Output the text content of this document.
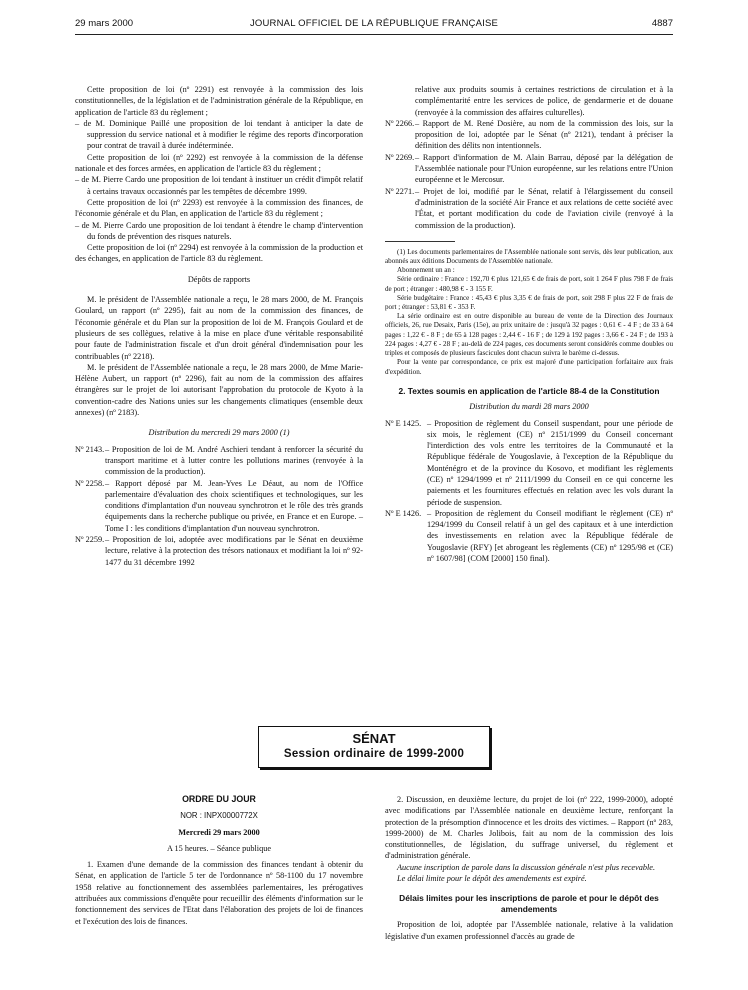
29 mars 2000	JOURNAL OFFICIEL DE LA RÉPUBLIQUE FRANÇAISE	4887

Cette proposition de loi (nº 2291) est renvoyée à la commission des lois constitutionnelles, de la législation et de l'administration générale de la République, en application de l'article 83 du règlement ;

– de M. Dominique Paillé une proposition de loi tendant à anticiper la date de suppression du service national et à modifier le régime des reports d'incorporation pour contrat de travail à durée indéterminée.

Cette proposition de loi (nº 2292) est renvoyée à la commission de la défense nationale et des forces armées, en application de l'article 83 du règlement ;

– de M. Pierre Cardo une proposition de loi tendant à instituer un crédit d'impôt relatif à certains travaux occasionnés par les tempêtes de décembre 1999.

Cette proposition de loi (nº 2293) est renvoyée à la commission des finances, de l'économie générale et du Plan, en application de l'article 83 du règlement ;

– de M. Pierre Cardo une proposition de loi tendant à étendre le champ d'intervention du fonds de prévention des risques naturels.

Cette proposition de loi (nº 2294) est renvoyée à la commission de la production et des échanges, en application de l'article 83 du règlement.

Dépôts de rapports

M. le président de l'Assemblée nationale a reçu, le 28 mars 2000, de M. François Goulard, un rapport (nº 2295), fait au nom de la commission des finances, de l'économie générale et du Plan sur la proposition de loi de M. François Goulard et de plusieurs de ses collègues, relative à la mise en place d'une véritable responsabilité pour faute de l'administration fiscale et d'un droit général d'indemnisation pour les contribuables (nº 2218).

M. le président de l'Assemblée nationale a reçu, le 28 mars 2000, de Mme Marie-Hélène Aubert, un rapport (nº 2296), fait au nom de la commission des affaires étrangères sur le projet de loi autorisant l'approbation du protocole de Kyoto à la convention-cadre des Nations unies sur les changements climatiques (ensemble deux annexes) (nº 2183).

Distribution du mercredi 29 mars 2000 (1)

Nº 2143.– Proposition de loi de M. André Aschieri tendant à renforcer la sécurité du transport maritime et à lutter contre les pollutions marines (renvoyée à la commission de la production).

Nº 2258.– Rapport déposé par M. Jean-Yves Le Déaut, au nom de l'Office parlementaire d'évaluation des choix scientifiques et technologiques, sur les conditions d'implantation d'un nouveau synchrotron et le rôle des très grands équipements dans la recherche publique ou privée, en France et en Europe. – Tome I : les conditions d'implantation d'un nouveau synchrotron.

Nº 2259.– Proposition de loi, adoptée avec modifications par le Sénat en deuxième lecture, relative à la protection des trésors nationaux et modifiant la loi nº 92-1477 du 31 décembre 1992

relative aux produits soumis à certaines restrictions de circulation et à la complémentarité entre les services de police, de gendarmerie et de douane (renvoyée à la commission des affaires culturelles).

Nº 2266.– Rapport de M. René Dosière, au nom de la commission des lois, sur la proposition de loi, adoptée par le Sénat (nº 2121), tendant à préciser la définition des délits non intentionnels.

Nº 2269.– Rapport d'information de M. Alain Barrau, déposé par la délégation de l'Assemblée nationale pour l'Union européenne, sur les relations entre l'Union européenne et le Mercosur.

Nº 2271.– Projet de loi, modifié par le Sénat, relatif à l'élargissement du conseil d'administration de la société Air France et aux relations de cette société avec l'État, et portant modification du code de l'aviation civile (renvoyé à la commission de la production).

(1) Les documents parlementaires de l'Assemblée nationale sont servis, dès leur publication, aux abonnés aux éditions Documents de l'Assemblée nationale.

Abonnement un an :

Série ordinaire : France : 192,70 € plus 121,65 € de frais de port, soit 1 264 F plus 798 F de frais de port ; étranger : 480,98 € - 3 155 F.

Série budgétaire : France : 45,43 € plus 3,35 € de frais de port, soit 298 F plus 22 F de frais de port ; étranger : 53,81 € - 353 F.

La série ordinaire est en outre disponible au bureau de vente de la Direction des Journaux officiels, 26, rue Desaix, Paris (15e), au prix unitaire de : jusqu'à 32 pages : 0,61 € - 4 F ; de 33 à 64 pages : 1,22 € - 8 F ; de 65 à 128 pages : 2,44 € - 16 F ; de 129 à 192 pages : 3,66 € - 24 F ; de 193 à 224 pages : 4,27 € - 28 F ; au-delà de 224 pages, ces documents seront considérés comme doubles ou triples et composés de plusieurs fascicules dont chacun suivra le barème ci-dessus.

Pour la vente par correspondance, ce prix est majoré d'une participation forfaitaire aux frais d'expédition.

2. Textes soumis en application de l'article 88-4 de la Constitution

Distribution du mardi 28 mars 2000

Nº E 1425. – Proposition de règlement du Conseil suspendant, pour une période de six mois, le règlement (CE) nº 2151/1999 du Conseil concernant l'interdiction des vols entre les territoires de la Communauté et la République fédérale de Yougoslavie, à l'exception de la République du Monténégro et de la province du Kosovo, et modifiant les règlements (CE) nº 1294/1999 et nº 2111/1999 du Conseil en ce qui concerne les paiements et les fournitures effectués en relation avec les vols durant la période de suspension.

Nº E 1426. – Proposition de règlement du Conseil modifiant le règlement (CE) nº 1294/1999 du Conseil relatif à un gel des capitaux et à une interdiction des investissements en relation avec la République fédérale de Yougoslavie (RFY) [et abrogeant les règlements (CE) nº 1295/98 et (CE) nº 1607/98] (COM [2000] 150 final).

SÉNAT
Session ordinaire de 1999-2000
ORDRE DU JOUR
NOR : INPX0000772X

Mercredi 29 mars 2000

A 15 heures. – Séance publique

1. Examen d'une demande de la commission des finances tendant à obtenir du Sénat, en application de l'article 5 ter de l'ordonnance nº 58-1100 du 17 novembre 1958 relative au fonctionnement des assemblées parlementaires, les prérogatives attribuées aux commissions d'enquête pour recueillir des éléments d'information sur le fonctionnement des services de l'Etat dans l'élaboration des projets de loi de finances et l'exécution des lois de finances.

2. Discussion, en deuxième lecture, du projet de loi (nº 222, 1999-2000), adopté avec modifications par l'Assemblée nationale en deuxième lecture, renforçant la protection de la présomption d'innocence et les droits des victimes. – Rapport (nº 283, 1999-2000) de M. Charles Jolibois, fait au nom de la commission des lois constitutionnelles, de législation, du suffrage universel, du règlement et d'administration générale.

Aucune inscription de parole dans la discussion générale n'est plus recevable.

Le délai limite pour le dépôt des amendements est expiré.

Délais limites pour les inscriptions de parole et pour le dépôt des amendements

Proposition de loi, adoptée par l'Assemblée nationale, relative à la validation législative d'un examen professionnel d'accès au grade de
